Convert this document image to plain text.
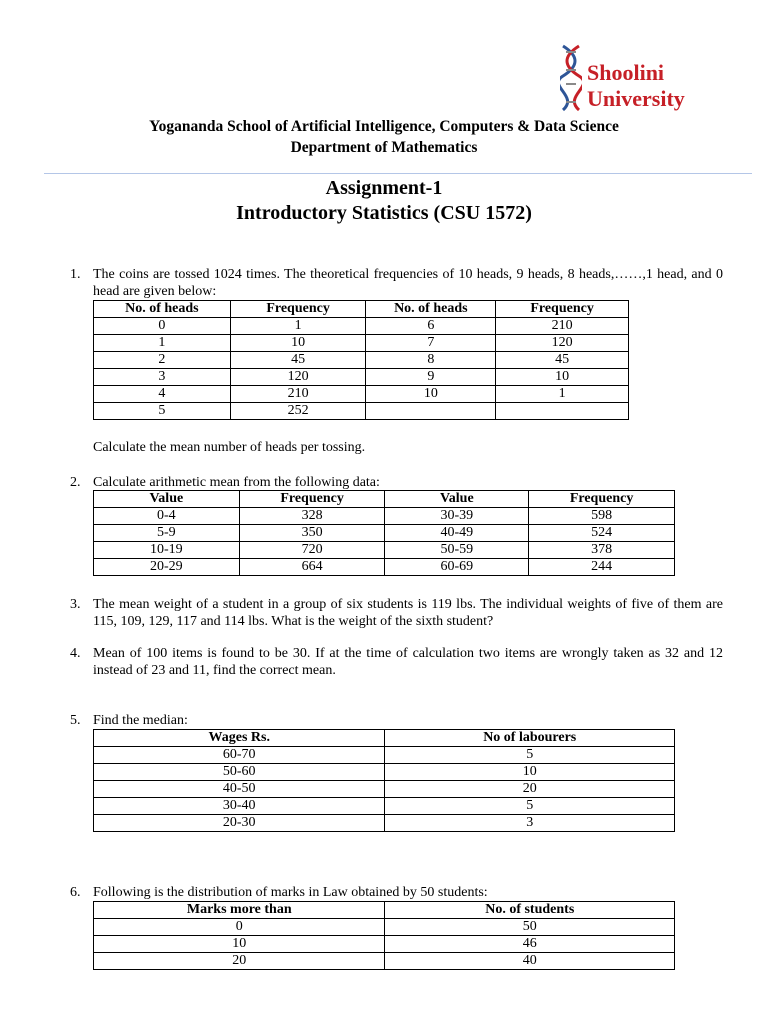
Shoolini
University
Yogananda School of Artificial Intelligence, Computers & Data Science
Department of Mathematics
Assignment-1
Introductory Statistics (CSU 1572)
1. The coins are tossed 1024 times. The theoretical frequencies of 10 heads, 9 heads, 8 heads,……,1 head, and 0 head are given below:
No. of heads	Frequency	No. of heads	Frequency
0	1	6	210
1	10	7	120
2	45	8	45
3	120	9	10
4	210	10	1
5	252		
Calculate the mean number of heads per tossing.
2. Calculate arithmetic mean from the following data:
Value	Frequency	Value	Frequency
0-4	328	30-39	598
5-9	350	40-49	524
10-19	720	50-59	378
20-29	664	60-69	244
3. The mean weight of a student in a group of six students is 119 lbs. The individual weights of five of them are 115, 109, 129, 117 and 114 lbs. What is the weight of the sixth student?
4. Mean of 100 items is found to be 30. If at the time of calculation two items are wrongly taken as 32 and 12 instead of 23 and 11, find the correct mean.
5. Find the median:
Wages Rs.	No of labourers
60-70	5
50-60	10
40-50	20
30-40	5
20-30	3
6. Following is the distribution of marks in Law obtained by 50 students:
Marks more than	No. of students
0	50
10	46
20	40
